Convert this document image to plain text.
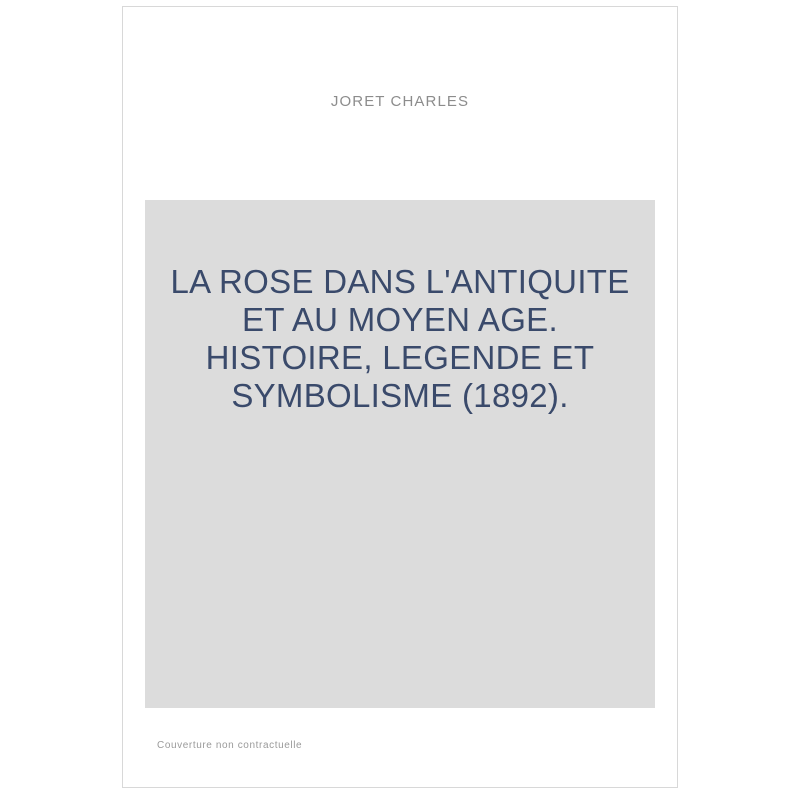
JORET CHARLES
LA ROSE DANS L'ANTIQUITE ET AU MOYEN AGE. HISTOIRE, LEGENDE ET SYMBOLISME (1892).
Couverture non contractuelle
